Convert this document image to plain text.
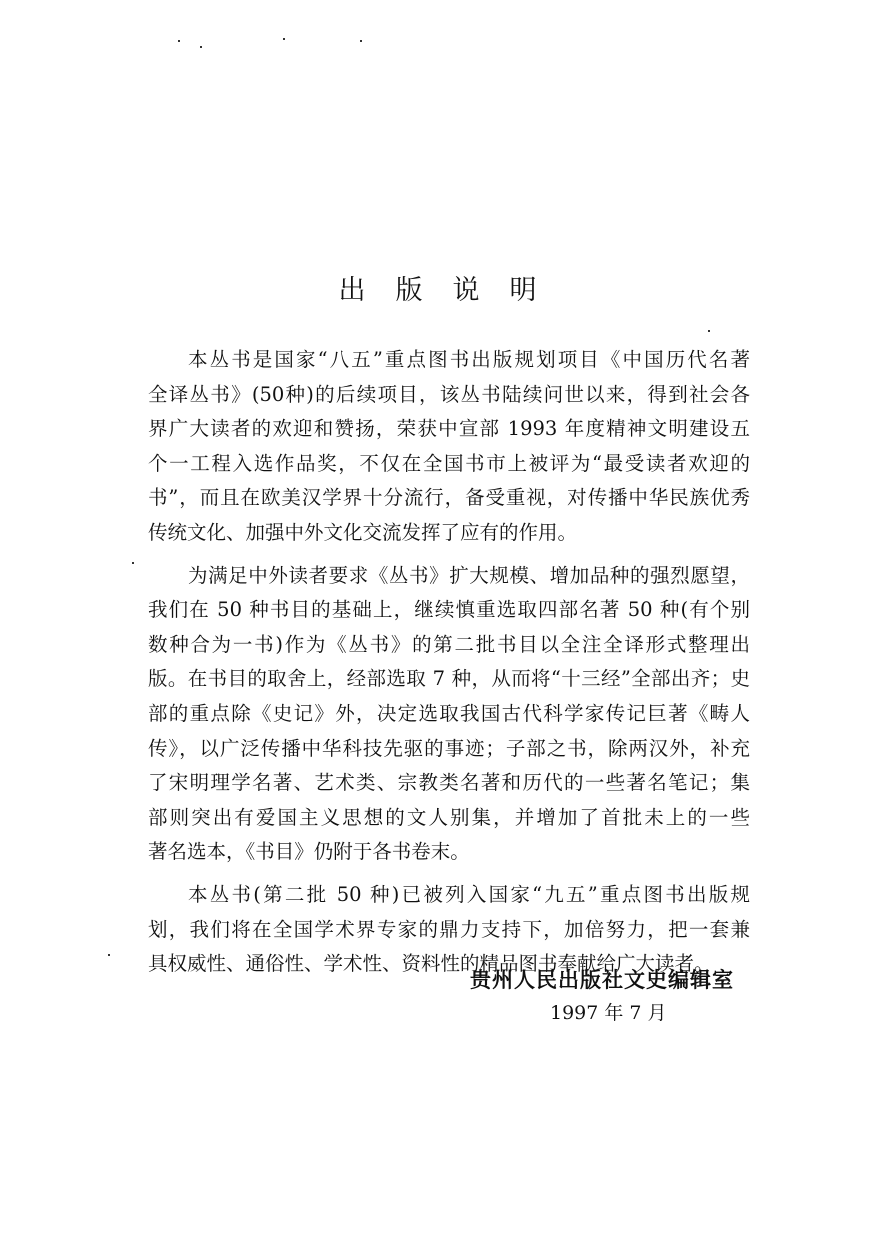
出版说明
本丛书是国家“八五”重点图书出版规划项目《中国历代名著
全译丛书》(50种)的后续项目，该丛书陆续问世以来，得到社会各
界广大读者的欢迎和赞扬，荣获中宣部 1993 年度精神文明建设五
个一工程入选作品奖，不仅在全国书市上被评为“最受读者欢迎的
书”，而且在欧美汉学界十分流行，备受重视，对传播中华民族优秀
传统文化、加强中外文化交流发挥了应有的作用。
为满足中外读者要求《丛书》扩大规模、增加品种的强烈愿望，
我们在 50 种书目的基础上，继续慎重选取四部名著 50 种(有个别
数种合为一书)作为《丛书》的第二批书目以全注全译形式整理出
版。在书目的取舍上，经部选取 7 种，从而将“十三经”全部出齐；史
部的重点除《史记》外，决定选取我国古代科学家传记巨著《畴人
传》，以广泛传播中华科技先驱的事迹；子部之书，除两汉外，补充
了宋明理学名著、艺术类、宗教类名著和历代的一些著名笔记；集
部则突出有爱国主义思想的文人别集，并增加了首批未上的一些
著名选本，《书目》仍附于各书卷末。
本丛书(第二批 50 种)已被列入国家“九五”重点图书出版规
划，我们将在全国学术界专家的鼎力支持下，加倍努力，把一套兼
具权威性、通俗性、学术性、资料性的精品图书奉献给广大读者。
贵州人民出版社文史编辑室
1997 年 7 月
